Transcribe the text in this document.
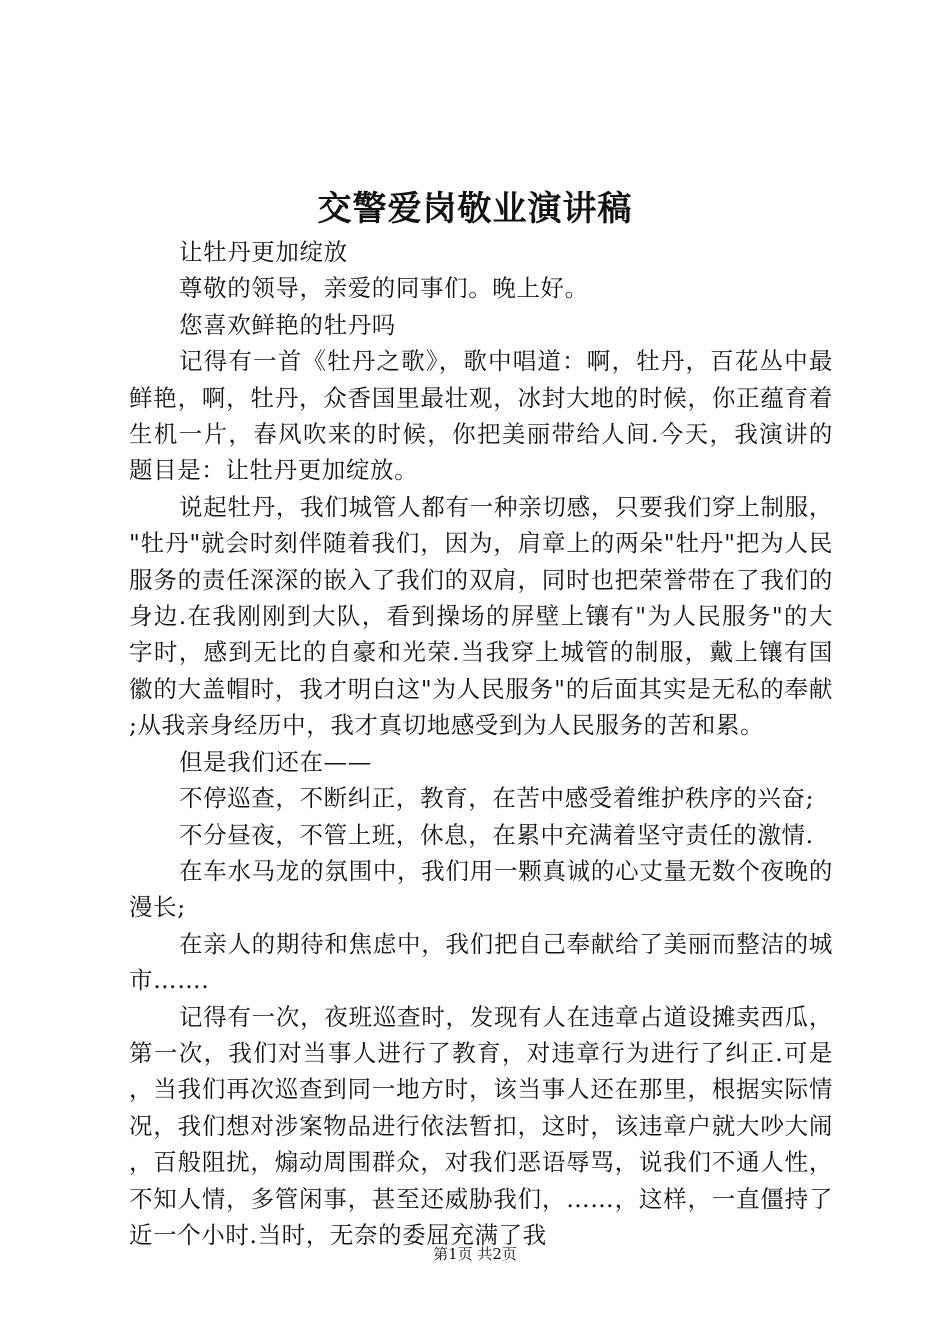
交警爱岗敬业演讲稿

让牡丹更加绽放

尊敬的领导，亲爱的同事们。晚上好。

您喜欢鲜艳的牡丹吗

记得有一首《牡丹之歌》，歌中唱道：啊，牡丹，百花丛中最鲜艳，啊，牡丹，众香国里最壮观，冰封大地的时候，你正蕴育着生机一片，春风吹来的时候，你把美丽带给人间.今天，我演讲的题目是：让牡丹更加绽放。

说起牡丹，我们城管人都有一种亲切感，只要我们穿上制服，"牡丹"就会时刻伴随着我们，因为，肩章上的两朵"牡丹"把为人民服务的责任深深的嵌入了我们的双肩，同时也把荣誉带在了我们的身边.在我刚刚到大队，看到操场的屏壁上镶有"为人民服务"的大字时，感到无比的自豪和光荣.当我穿上城管的制服，戴上镶有国徽的大盖帽时，我才明白这"为人民服务"的后面其实是无私的奉献;从我亲身经历中，我才真切地感受到为人民服务的苦和累。

但是我们还在——

不停巡查，不断纠正，教育，在苦中感受着维护秩序的兴奋;

不分昼夜，不管上班，休息，在累中充满着坚守责任的激情.

在车水马龙的氛围中，我们用一颗真诚的心丈量无数个夜晚的漫长;

在亲人的期待和焦虑中，我们把自己奉献给了美丽而整洁的城市…….

记得有一次，夜班巡查时，发现有人在违章占道设摊卖西瓜，第一次，我们对当事人进行了教育，对违章行为进行了纠正.可是，当我们再次巡查到同一地方时，该当事人还在那里，根据实际情况，我们想对涉案物品进行依法暂扣，这时，该违章户就大吵大闹，百般阻扰，煽动周围群众，对我们恶语辱骂，说我们不通人性，不知人情，多管闲事，甚至还威胁我们，……，这样，一直僵持了近一个小时.当时，无奈的委屈充满了我

第1页 共2页
